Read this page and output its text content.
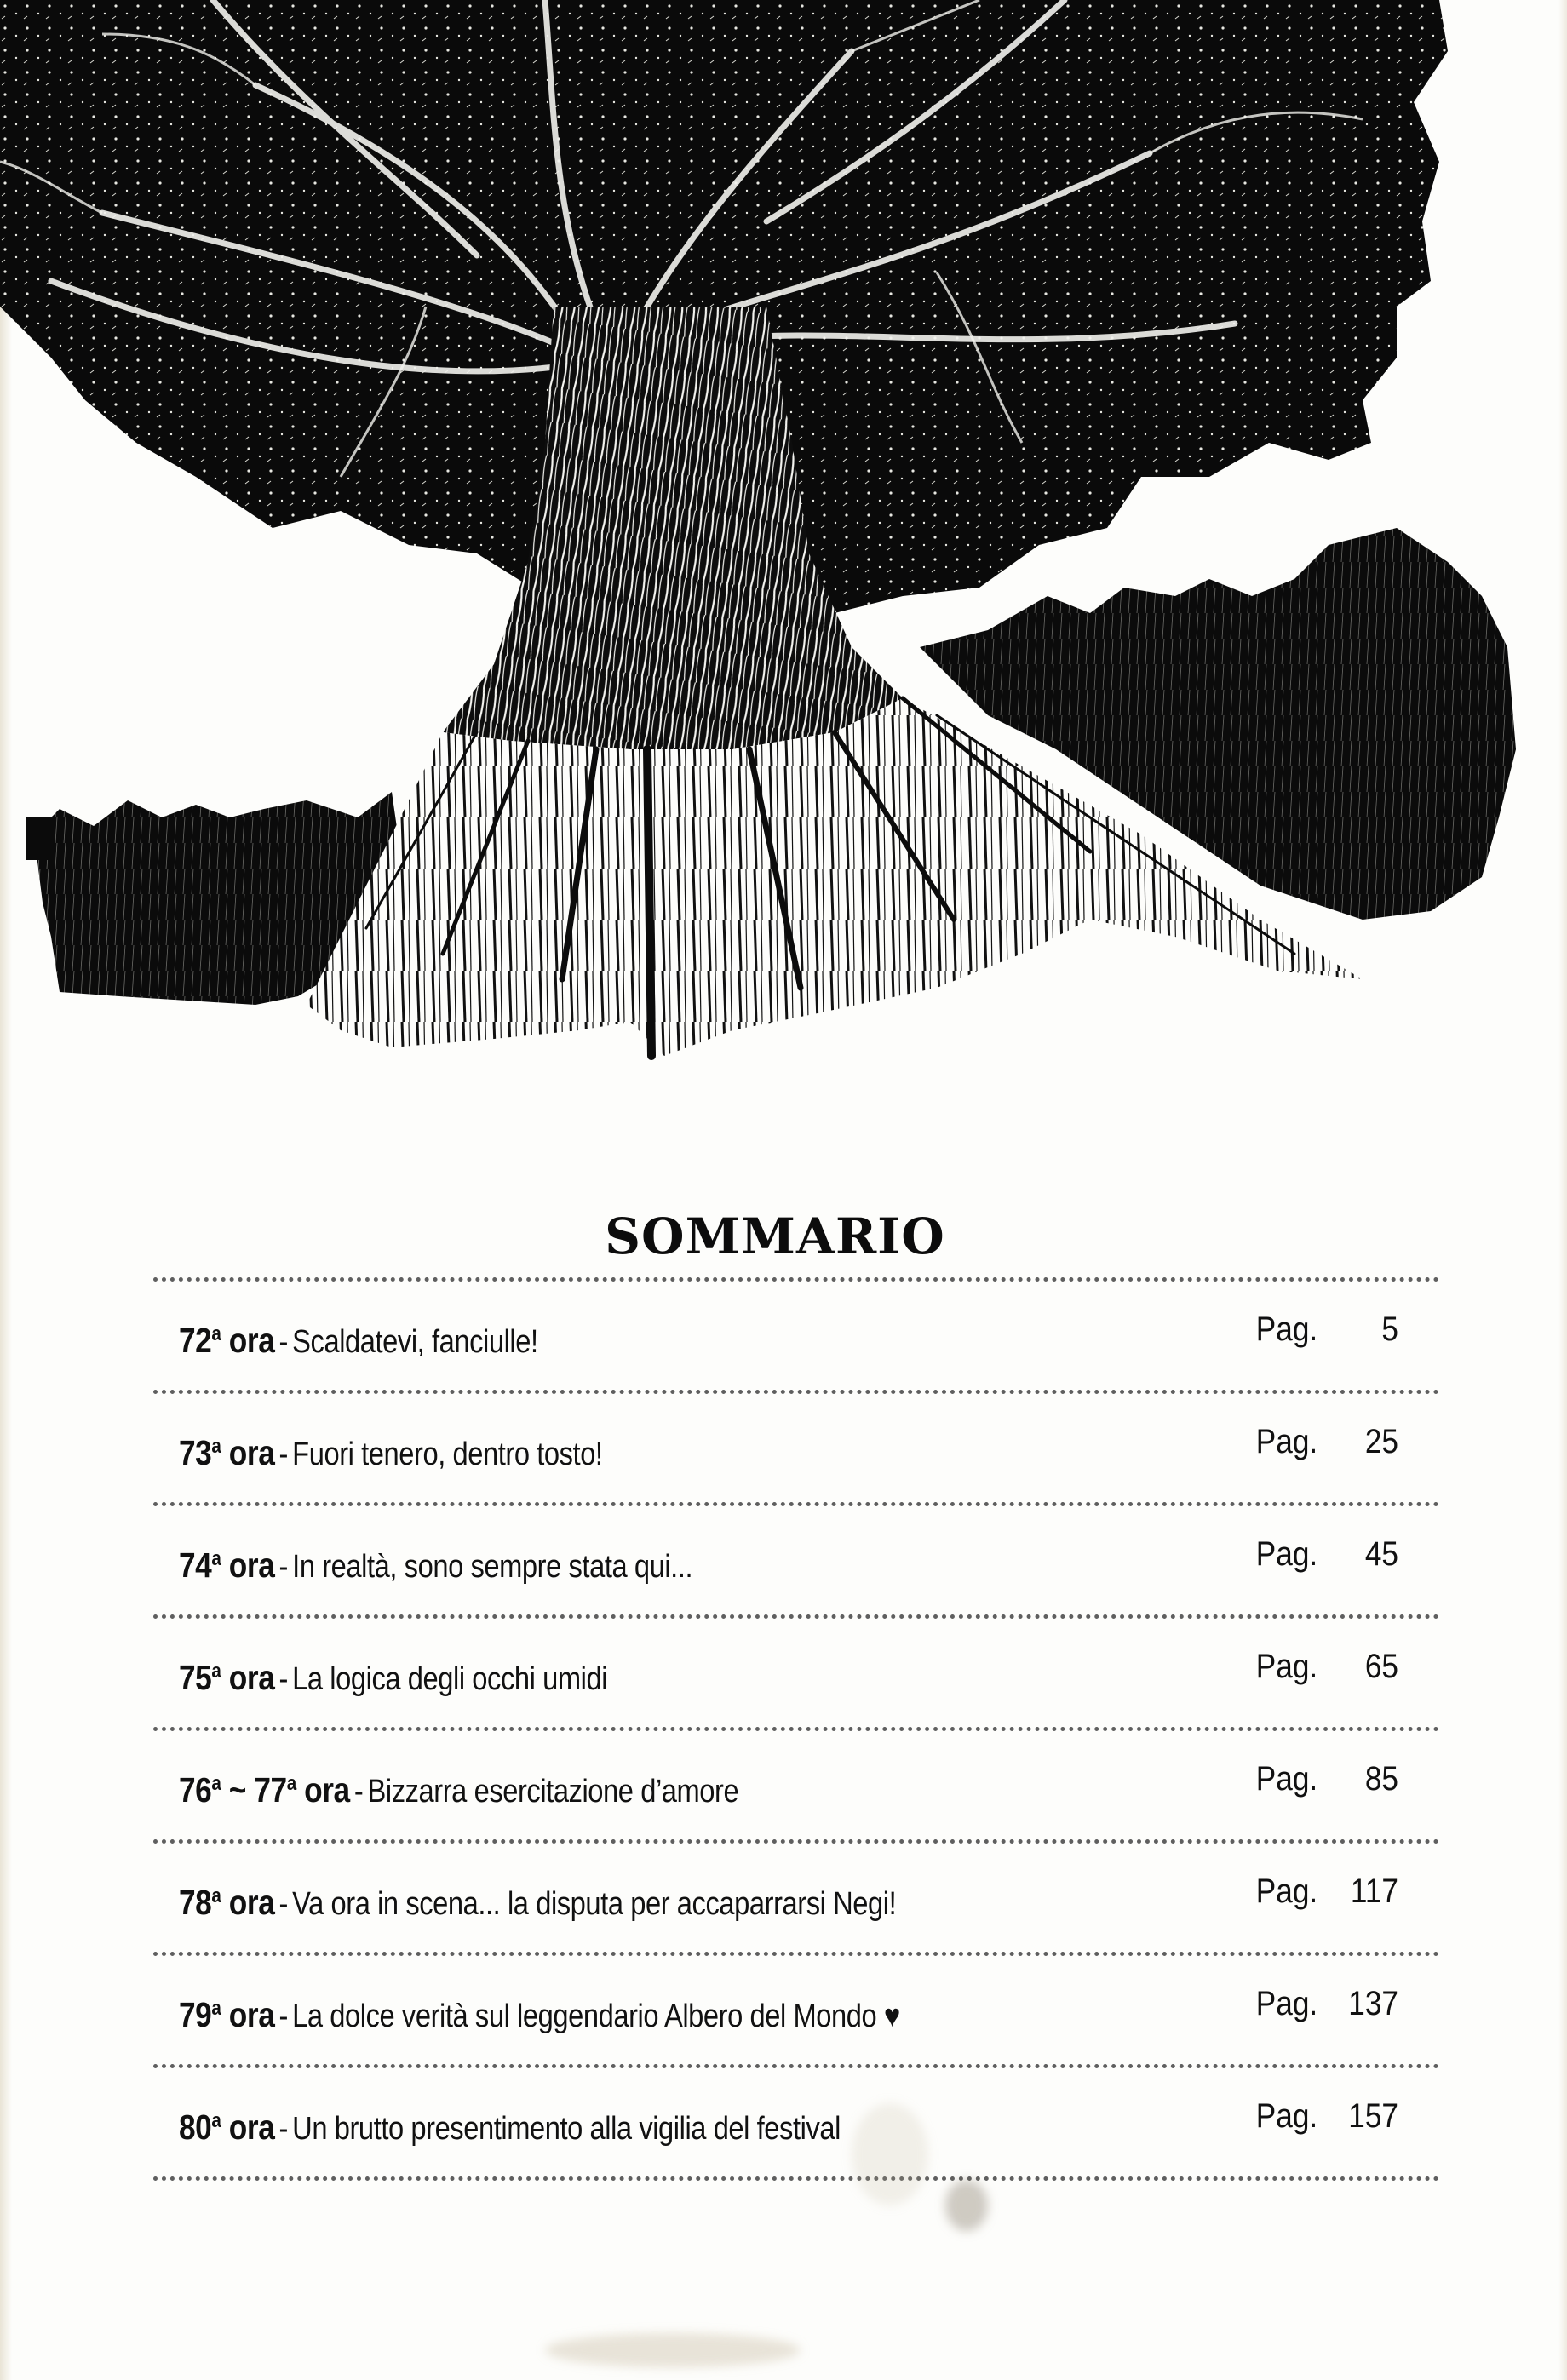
SOMMARIO
72$^a$ ora - Scaldatevi, fanciulle!	Pag.	5
73$^a$ ora - Fuori tenero, dentro tosto!	Pag.	25
74$^a$ ora - In realtà, sono sempre stata qui...	Pag.	45
75$^a$ ora - La logica degli occhi umidi	Pag.	65
76$^a$ ~ 77$^a$ ora - Bizzarra esercitazione d’amore	Pag.	85
78$^a$ ora - Va ora in scena... la disputa per accaparrarsi Negi!	Pag. 117
79$^a$ ora - La dolce verità sul leggendario Albero del Mondo ♥	Pag. 137
80$^a$ ora - Un brutto presentimento alla vigilia del festival	Pag. 157
